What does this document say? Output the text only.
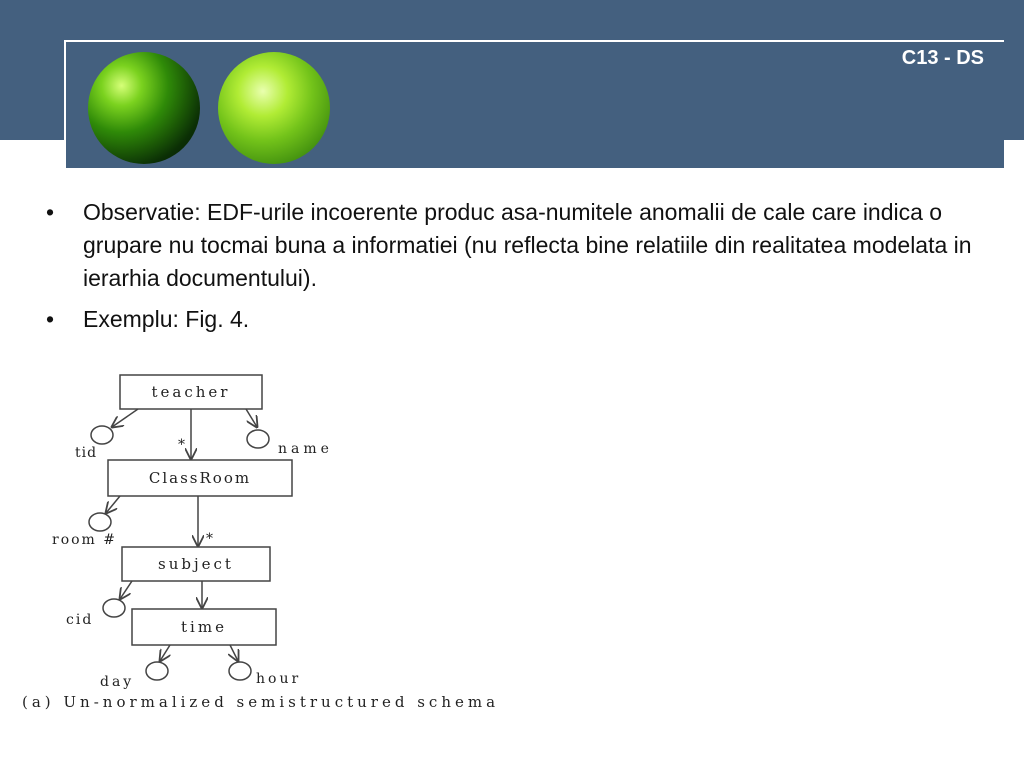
C13 - DS
• Observatie: EDF-urile incoerente produc asa-numitele anomalii de cale care indica o grupare nu tocmai buna a informatiei (nu reflecta bine relatiile din realitatea modelata in ierarhia documentului).
• Exemplu: Fig. 4.
teacher
ClassRoom
subject
time
*
*
tid	name
room #
cid
day	hour
(a) Un-normalized semistructured schema
